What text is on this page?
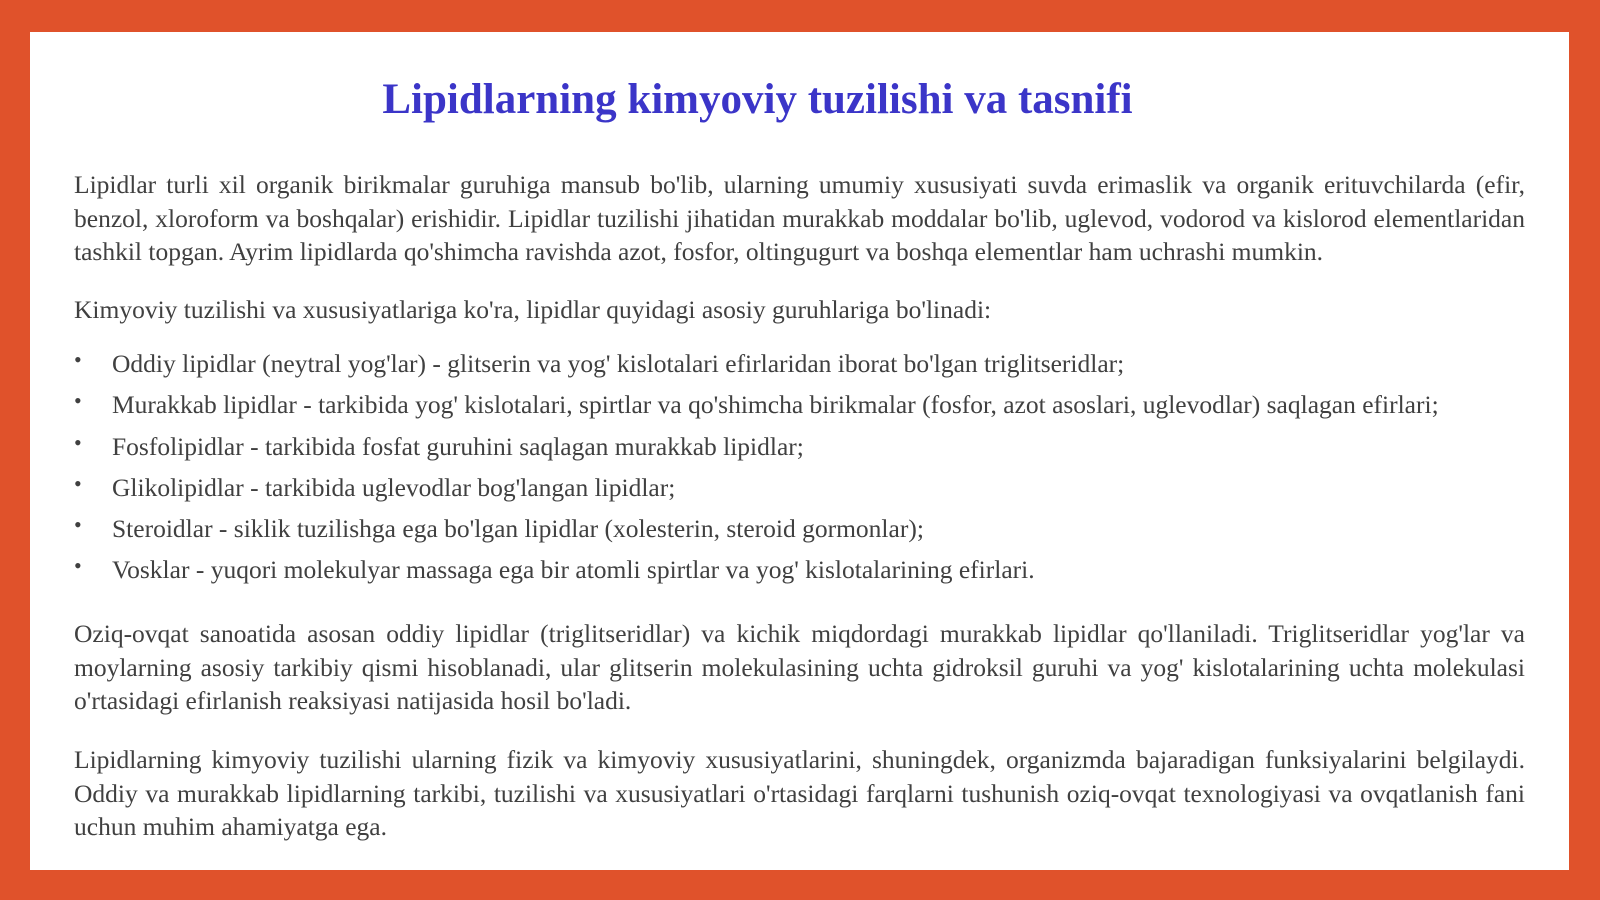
Lipidlarning kimyoviy tuzilishi va tasnifi

Lipidlar turli xil organik birikmalar guruhiga mansub bo'lib, ularning umumiy xususiyati suvda erimaslik va organik erituvchilarda (efir, benzol, xloroform va boshqalar) erishidir. Lipidlar tuzilishi jihatidan murakkab moddalar bo'lib, uglevod, vodorod va kislorod elementlaridan tashkil topgan. Ayrim lipidlarda qo'shimcha ravishda azot, fosfor, oltingugurt va boshqa elementlar ham uchrashi mumkin.

Kimyoviy tuzilishi va xususiyatlariga ko'ra, lipidlar quyidagi asosiy guruhlariga bo'linadi:

• Oddiy lipidlar (neytral yog'lar) - glitserin va yog' kislotalari efirlaridan iborat bo'lgan triglitseridlar;
• Murakkab lipidlar - tarkibida yog' kislotalari, spirtlar va qo'shimcha birikmalar (fosfor, azot asoslari, uglevodlar) saqlagan efirlari;
• Fosfolipidlar - tarkibida fosfat guruhini saqlagan murakkab lipidlar;
• Glikolipidlar - tarkibida uglevodlar bog'langan lipidlar;
• Steroidlar - siklik tuzilishga ega bo'lgan lipidlar (xolesterin, steroid gormonlar);
• Vosklar - yuqori molekulyar massaga ega bir atomli spirtlar va yog' kislotalarining efirlari.

Oziq-ovqat sanoatida asosan oddiy lipidlar (triglitseridlar) va kichik miqdordagi murakkab lipidlar qo'llaniladi. Triglitseridlar yog'lar va moylarning asosiy tarkibiy qismi hisoblanadi, ular glitserin molekulasining uchta gidroksil guruhi va yog' kislotalarining uchta molekulasi o'rtasidagi efirlanish reaksiyasi natijasida hosil bo'ladi.

Lipidlarning kimyoviy tuzilishi ularning fizik va kimyoviy xususiyatlarini, shuningdek, organizmda bajaradigan funksiyalarini belgilaydi. Oddiy va murakkab lipidlarning tarkibi, tuzilishi va xususiyatlari o'rtasidagi farqlarni tushunish oziq-ovqat texnologiyasi va ovqatlanish fani uchun muhim ahamiyatga ega.
